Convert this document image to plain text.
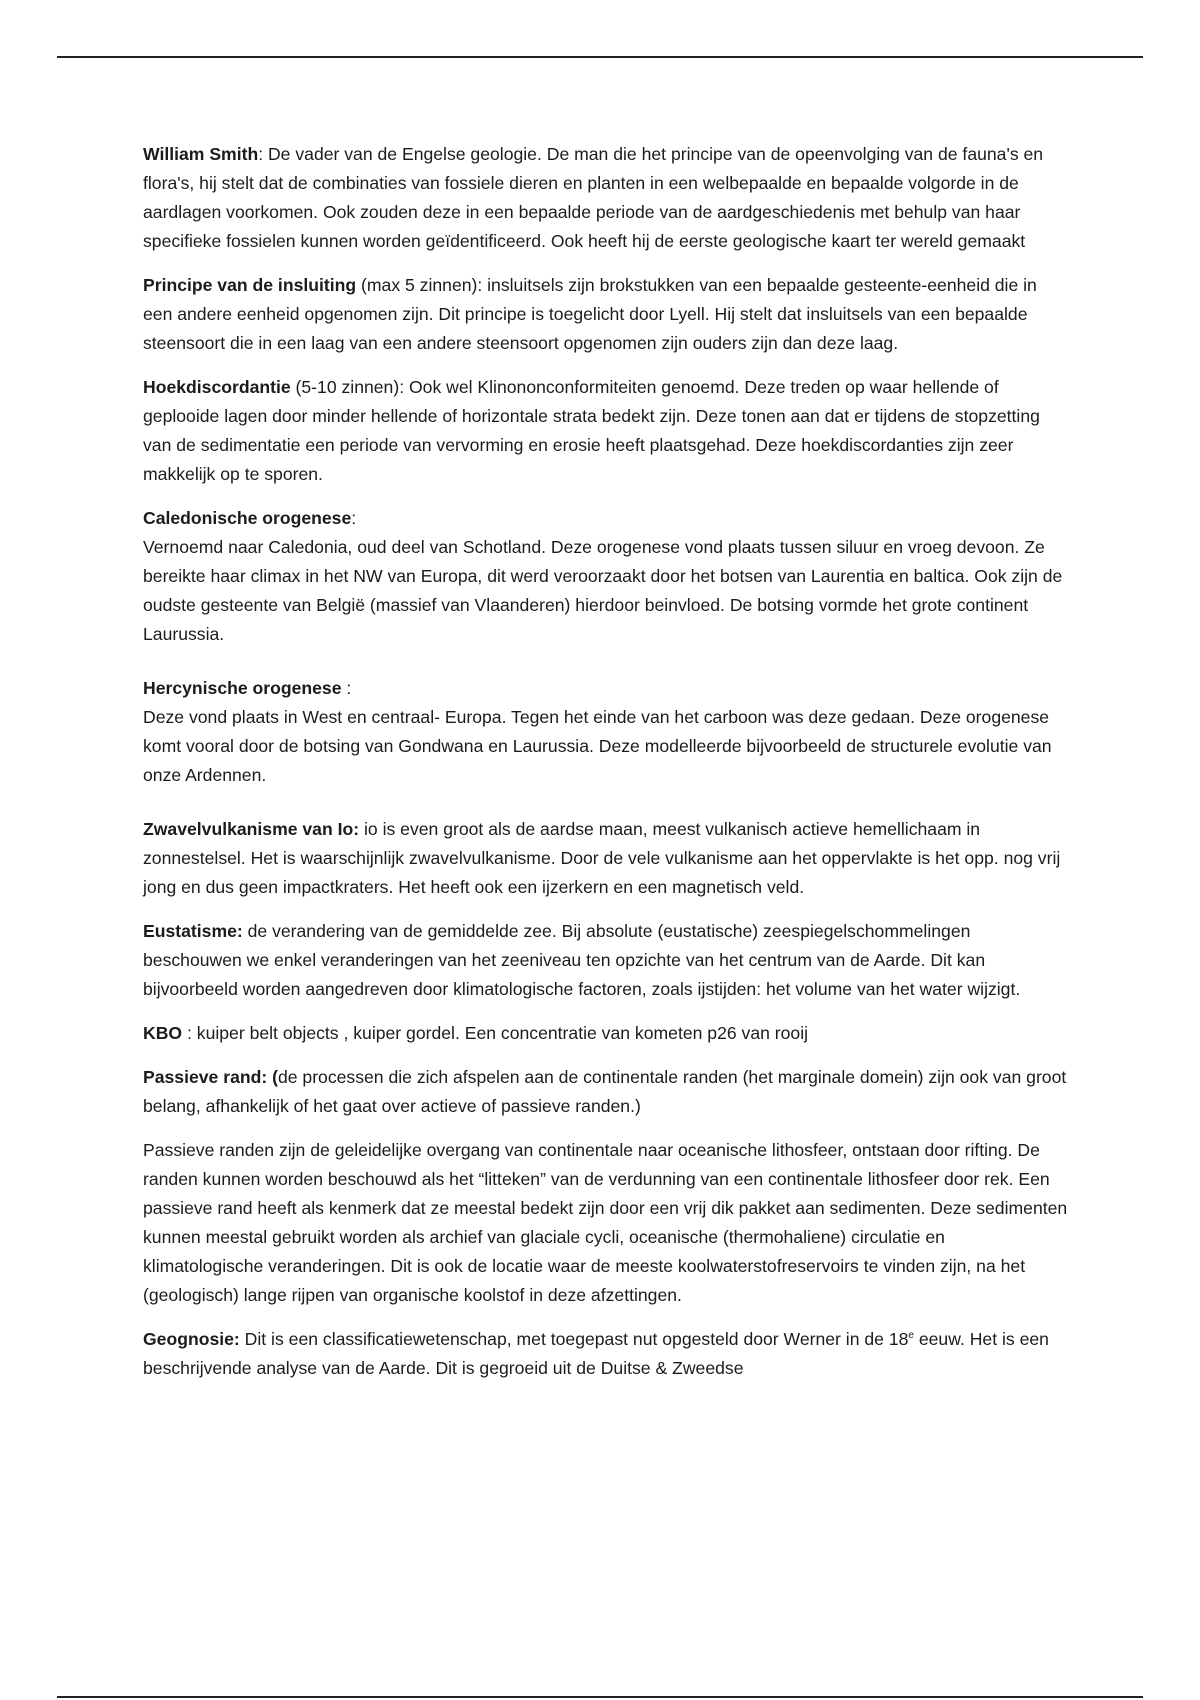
William Smith: De vader van de Engelse geologie. De man die het principe van de opeenvolging van de fauna's en flora's, hij stelt dat de combinaties van fossiele dieren en planten in een welbepaalde en bepaalde volgorde in de aardlagen voorkomen. Ook zouden deze in een bepaalde periode van de aardgeschiedenis met behulp van haar specifieke fossielen kunnen worden geïdentificeerd. Ook heeft hij de eerste geologische kaart ter wereld gemaakt

Principe van de insluiting (max 5 zinnen): insluitsels zijn brokstukken van een bepaalde gesteente-eenheid die in een andere eenheid opgenomen zijn. Dit principe is toegelicht door Lyell. Hij stelt dat insluitsels van een bepaalde steensoort die in een laag van een andere steensoort opgenomen zijn ouders zijn dan deze laag.

Hoekdiscordantie (5-10 zinnen): Ook wel Klinononconformiteiten genoemd. Deze treden op waar hellende of geplooide lagen door minder hellende of horizontale strata bedekt zijn. Deze tonen aan dat er tijdens de stopzetting van de sedimentatie een periode van vervorming en erosie heeft plaatsgehad. Deze hoekdiscordanties zijn zeer makkelijk op te sporen.

Caledonische orogenese:
Vernoemd naar Caledonia, oud deel van Schotland. Deze orogenese vond plaats tussen siluur en vroeg devoon. Ze bereikte haar climax in het NW van Europa, dit werd veroorzaakt door het botsen van Laurentia en baltica. Ook zijn de oudste gesteente van België (massief van Vlaanderen) hierdoor beinvloed. De botsing vormde het grote continent Laurussia.

Hercynische orogenese :
Deze vond plaats in West en centraal- Europa. Tegen het einde van het carboon was deze gedaan. Deze orogenese komt vooral door de botsing van Gondwana en Laurussia. Deze modelleerde bijvoorbeeld de structurele evolutie van onze Ardennen.

Zwavelvulkanisme van Io: io is even groot als de aardse maan, meest vulkanisch actieve hemellichaam in zonnestelsel. Het is waarschijnlijk zwavelvulkanisme. Door de vele vulkanisme aan het oppervlakte is het opp. nog vrij jong en dus geen impactkraters. Het heeft ook een ijzerkern en een magnetisch veld.

Eustatisme: de verandering van de gemiddelde zee. Bij absolute (eustatische) zeespiegelschommelingen beschouwen we enkel veranderingen van het zeeniveau ten opzichte van het centrum van de Aarde. Dit kan bijvoorbeeld worden aangedreven door klimatologische factoren, zoals ijstijden: het volume van het water wijzigt.

KBO : kuiper belt objects , kuiper gordel. Een concentratie van kometen p26 van rooij

Passieve rand: (de processen die zich afspelen aan de continentale randen (het marginale domein) zijn ook van groot belang, afhankelijk of het gaat over actieve of passieve randen.)

Passieve randen zijn de geleidelijke overgang van continentale naar oceanische lithosfeer, ontstaan door rifting. De randen kunnen worden beschouwd als het “litteken” van de verdunning van een continentale lithosfeer door rek. Een passieve rand heeft als kenmerk dat ze meestal bedekt zijn door een vrij dik pakket aan sedimenten. Deze sedimenten kunnen meestal gebruikt worden als archief van glaciale cycli, oceanische (thermohaliene) circulatie en klimatologische veranderingen. Dit is ook de locatie waar de meeste koolwaterstofreservoirs te vinden zijn, na het (geologisch) lange rijpen van organische koolstof in deze afzettingen.

Geognosie: Dit is een classificatiewetenschap, met toegepast nut opgesteld door Werner in de 18e eeuw. Het is een beschrijvende analyse van de Aarde. Dit is gegroeid uit de Duitse & Zweedse
